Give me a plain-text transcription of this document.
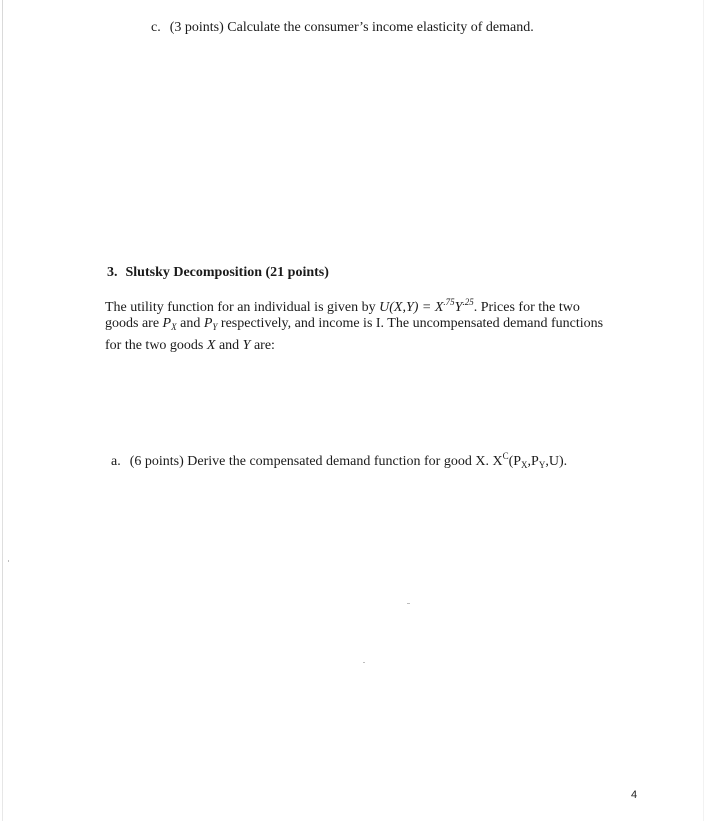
c. (3 points) Calculate the consumer’s income elasticity of demand.
3. Slutsky Decomposition (21 points)
The utility function for an individual is given by $U(X,Y) = X^{.75}Y^{.25}$. Prices for the two
goods are $P_X$ and $P_Y$ respectively, and income is I. The uncompensated demand functions
for the two goods X and Y are:
a. (6 points) Derive the compensated demand function for good X. $X^C(P_X,P_Y,U)$.
4
